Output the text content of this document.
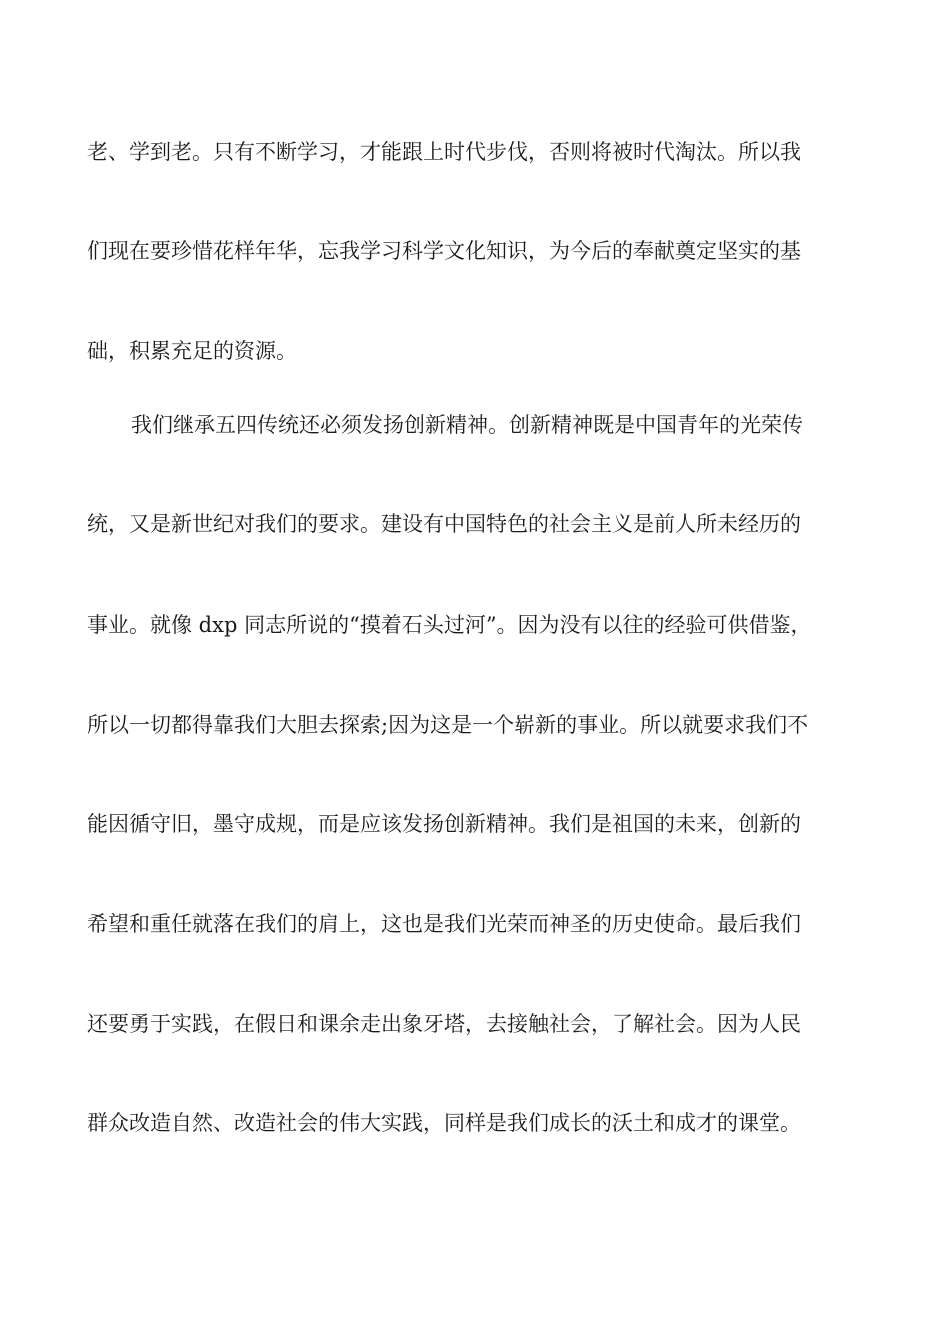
老、学到老。只有不断学习，才能跟上时代步伐，否则将被时代淘汰。所以我

们现在要珍惜花样年华，忘我学习科学文化知识，为今后的奉献奠定坚实的基

础，积累充足的资源。

我们继承五四传统还必须发扬创新精神。创新精神既是中国青年的光荣传

统，又是新世纪对我们的要求。建设有中国特色的社会主义是前人所未经历的

事业。就像 dxp 同志所说的“摸着石头过河”。因为没有以往的经验可供借鉴，

所以一切都得靠我们大胆去探索;因为这是一个崭新的事业。所以就要求我们不

能因循守旧，墨守成规，而是应该发扬创新精神。我们是祖国的未来，创新的

希望和重任就落在我们的肩上，这也是我们光荣而神圣的历史使命。最后我们

还要勇于实践，在假日和课余走出象牙塔，去接触社会，了解社会。因为人民

群众改造自然、改造社会的伟大实践，同样是我们成长的沃土和成才的课堂。
